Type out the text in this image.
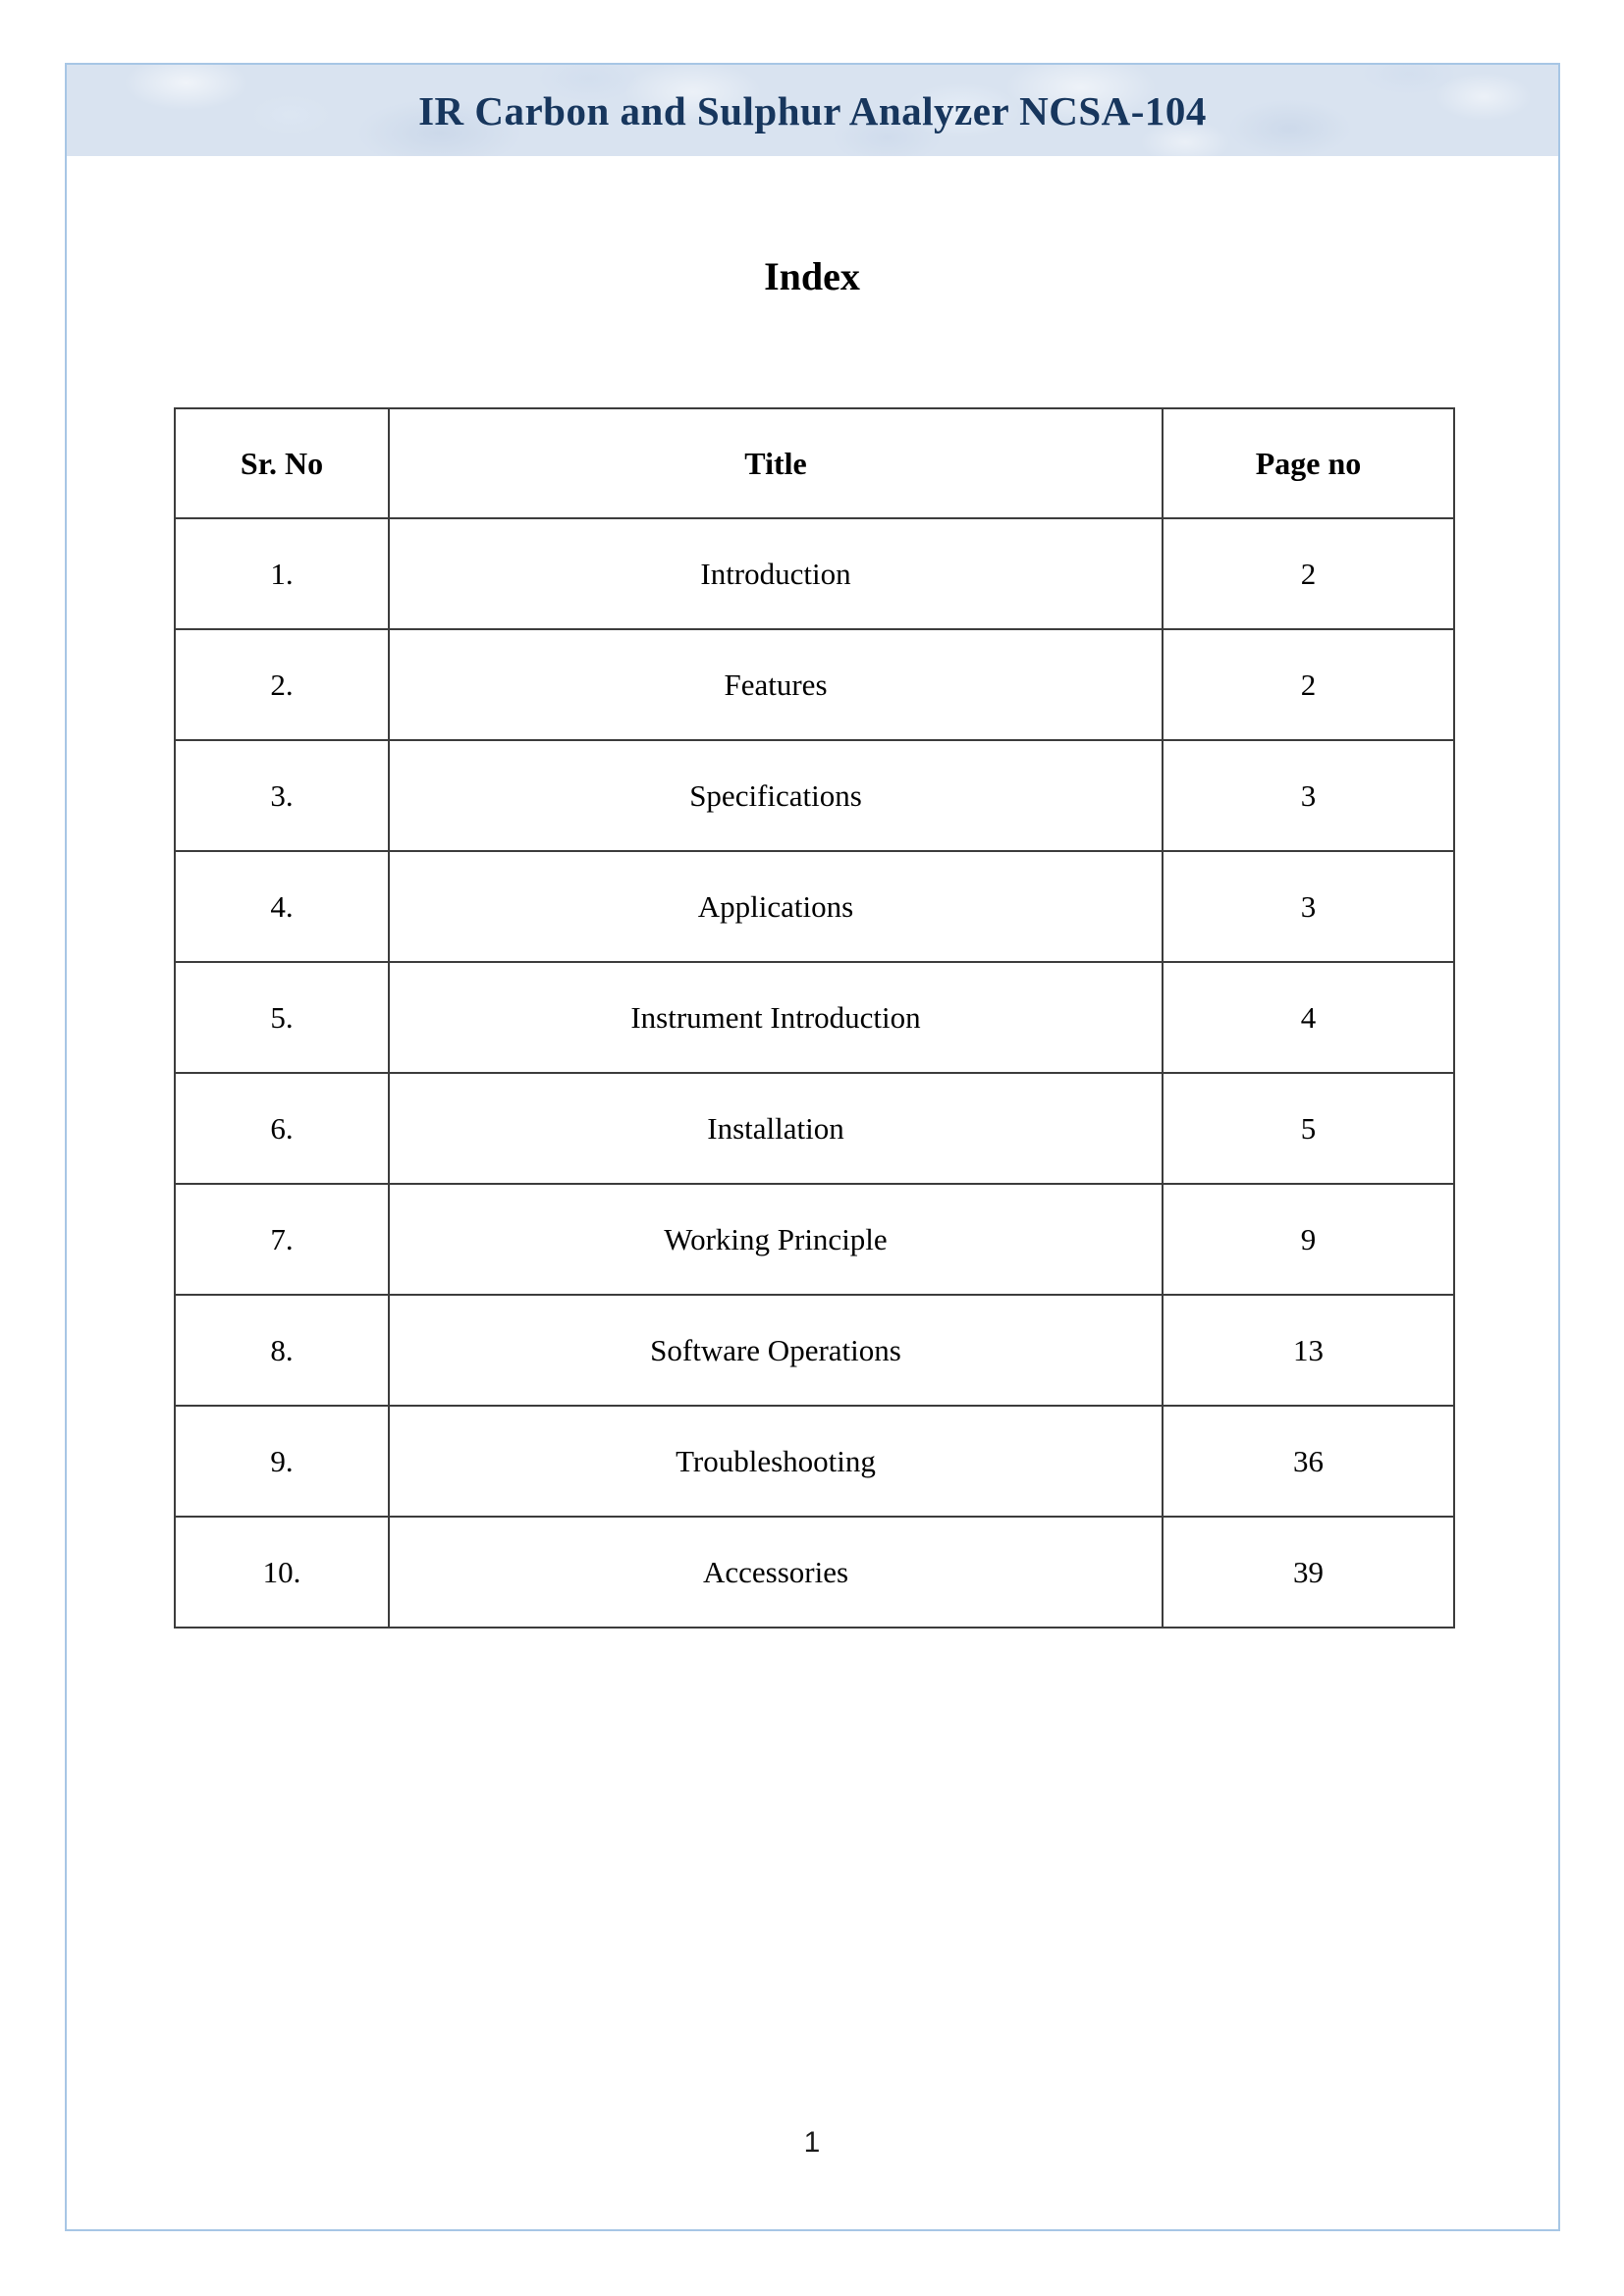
IR Carbon and Sulphur Analyzer NCSA-104
Index
Sr. No	Title	Page no
1.	Introduction	2
2.	Features	2
3.	Specifications	3
4.	Applications	3
5.	Instrument Introduction	4
6.	Installation	5
7.	Working Principle	9
8.	Software Operations	13
9.	Troubleshooting	36
10.	Accessories	39
1
